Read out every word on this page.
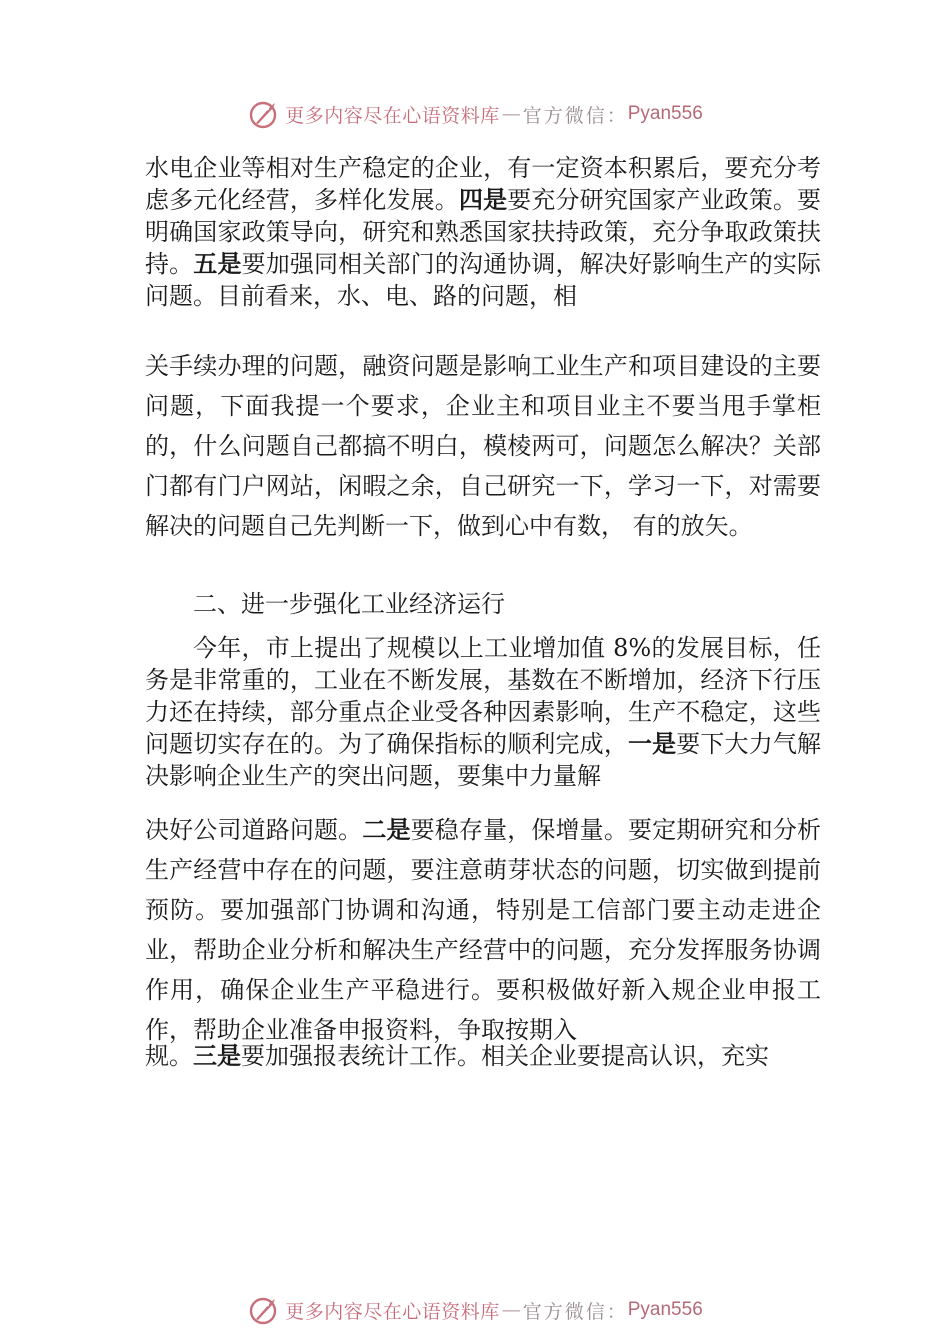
更多内容尽在心语资料库 — 官方微信： Pyan556

水电企业等相对生产稳定的企业，有一定资本积累后，要充分考虑多元化经营，多样化发展。四是要充分研究国家产业政策。要明确国家政策导向，研究和熟悉国家扶持政策，充分争取政策扶持。五是要加强同相关部门的沟通协调，解决好影响生产的实际问题。目前看来，水、电、路的问题，相

关手续办理的问题，融资问题是影响工业生产和项目建设的主要问题，下面我提一个要求，企业主和项目业主不要当甩手掌柜的，什么问题自己都搞不明白，模棱两可，问题怎么解决？关部门都有门户网站，闲暇之余，自己研究一下，学习一下，对需要解决的问题自己先判断一下，做到心中有数， 有的放矢。

二、进一步强化工业经济运行

今年，市上提出了规模以上工业增加值 8%的发展目标，任务是非常重的，工业在不断发展，基数在不断增加，经济下行压力还在持续，部分重点企业受各种因素影响，生产不稳定，这些问题切实存在的。为了确保指标的顺利完成，一是要下大力气解决影响企业生产的突出问题，要集中力量解

决好公司道路问题。二是要稳存量，保增量。要定期研究和分析生产经营中存在的问题，要注意萌芽状态的问题，切实做到提前预防。要加强部门协调和沟通，特别是工信部门要主动走进企业，帮助企业分析和解决生产经营中的问题，充分发挥服务协调作用，确保企业生产平稳进行。要积极做好新入规企业申报工作，帮助企业准备申报资料，争取按期入

规。三是要加强报表统计工作。相关企业要提高认识，充实

更多内容尽在心语资料库 — 官方微信： Pyan556
